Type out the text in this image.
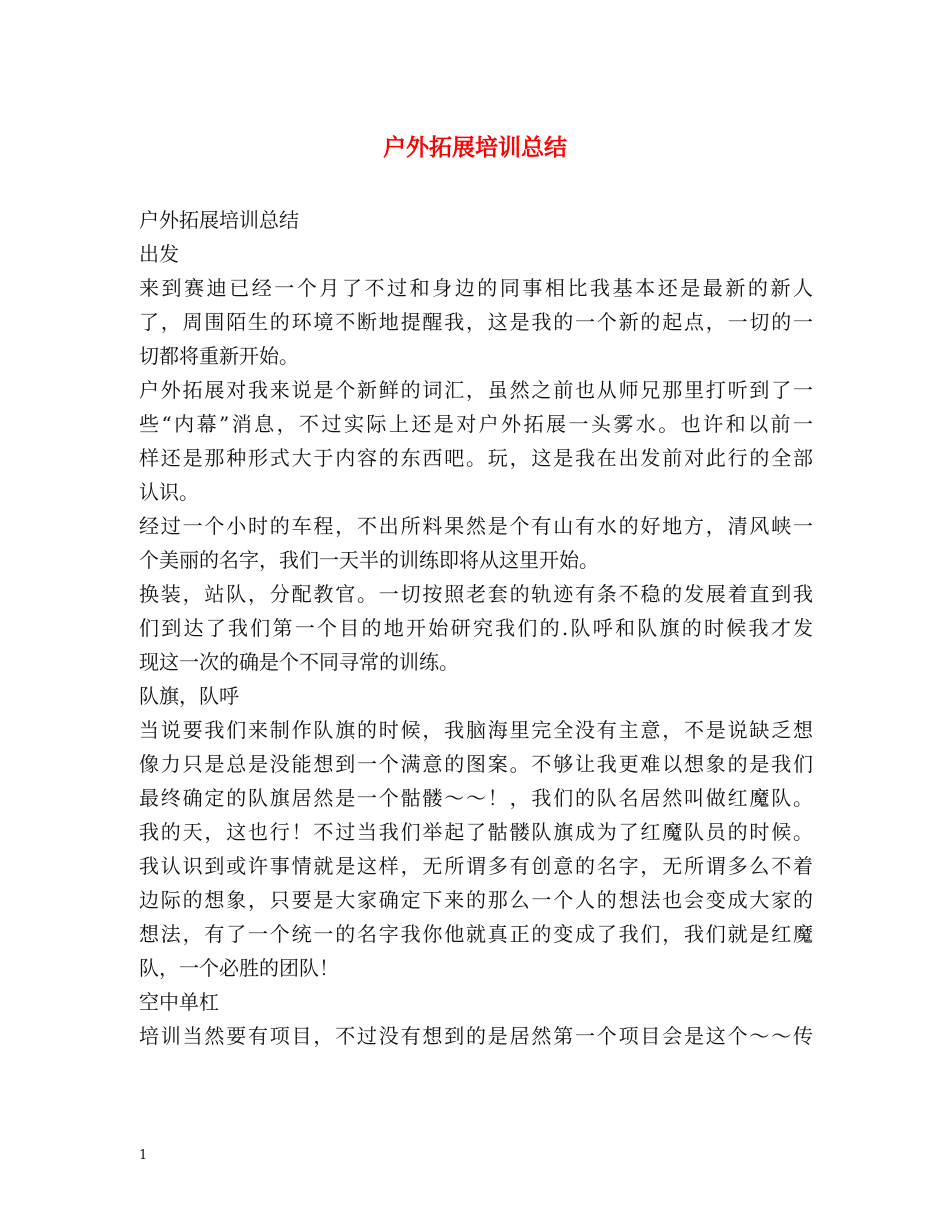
户外拓展培训总结
户外拓展培训总结
出发
来到赛迪已经一个月了不过和身边的同事相比我基本还是最新的新人
了，周围陌生的环境不断地提醒我，这是我的一个新的起点，一切的一
切都将重新开始。
户外拓展对我来说是个新鲜的词汇，虽然之前也从师兄那里打听到了一
些“内幕”消息，不过实际上还是对户外拓展一头雾水。也许和以前一
样还是那种形式大于内容的东西吧。玩，这是我在出发前对此行的全部
认识。
经过一个小时的车程，不出所料果然是个有山有水的好地方，清风峡一
个美丽的名字，我们一天半的训练即将从这里开始。
换装，站队，分配教官。一切按照老套的轨迹有条不稳的发展着直到我
们到达了我们第一个目的地开始研究我们的.队呼和队旗的时候我才发
现这一次的确是个不同寻常的训练。
队旗，队呼
当说要我们来制作队旗的时候，我脑海里完全没有主意，不是说缺乏想
像力只是总是没能想到一个满意的图案。不够让我更难以想象的是我们
最终确定的队旗居然是一个骷髅～～！，我们的队名居然叫做红魔队。
我的天，这也行！不过当我们举起了骷髅队旗成为了红魔队员的时候。
我认识到或许事情就是这样，无所谓多有创意的名字，无所谓多么不着
边际的想象，只要是大家确定下来的那么一个人的想法也会变成大家的
想法，有了一个统一的名字我你他就真正的变成了我们，我们就是红魔
队，一个必胜的团队！
空中单杠
培训当然要有项目，不过没有想到的是居然第一个项目会是这个～～传
1
